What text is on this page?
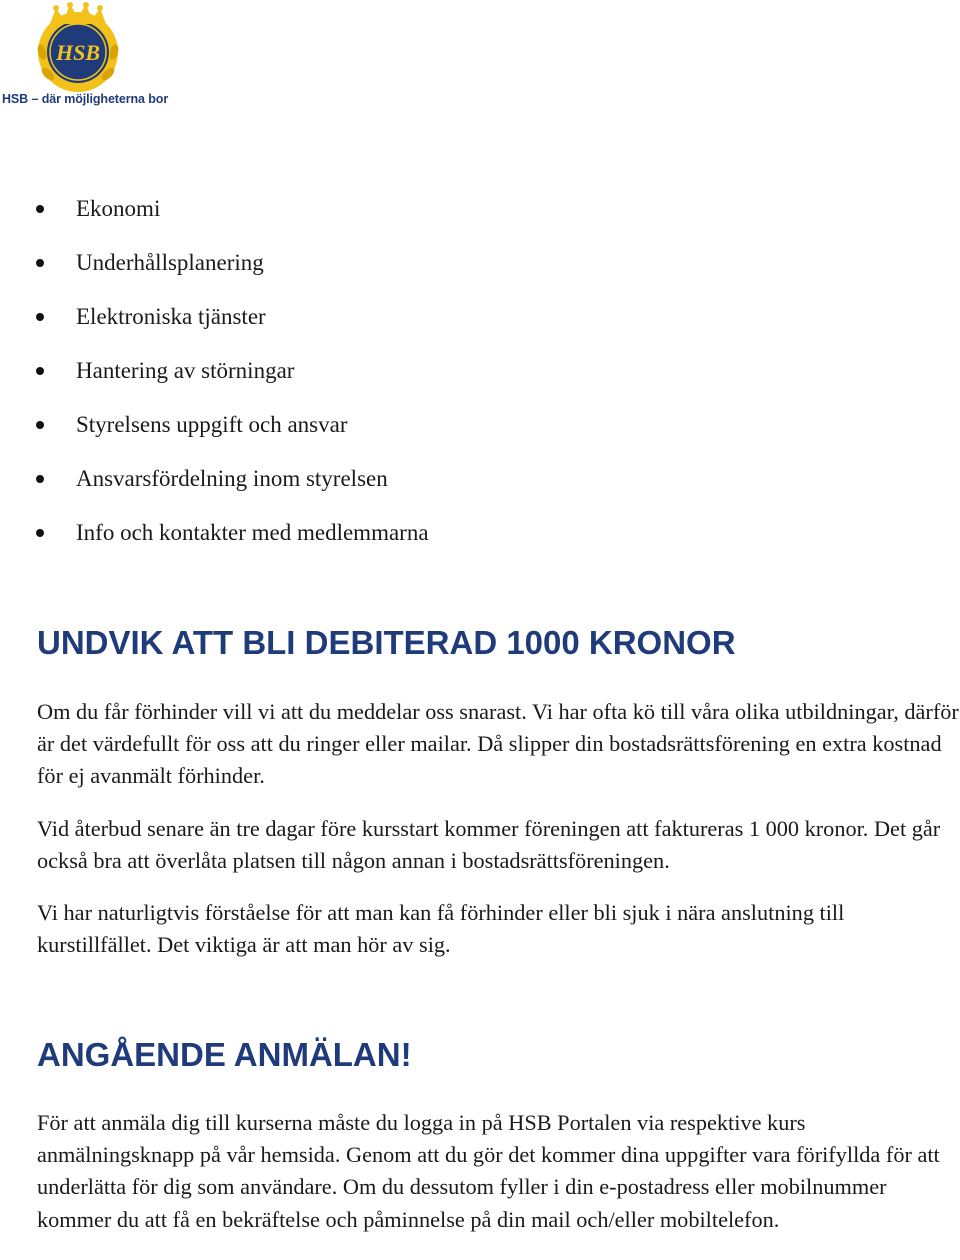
HSB
HSB – där möjligheterna bor
Ekonomi
Underhållsplanering
Elektroniska tjänster
Hantering av störningar
Styrelsens uppgift och ansvar
Ansvarsfördelning inom styrelsen
Info och kontakter med medlemmarna
UNDVIK ATT BLI DEBITERAD 1000 KRONOR

Om du får förhinder vill vi att du meddelar oss snarast. Vi har ofta kö till våra olika utbildningar, därför är det värdefullt för oss att du ringer eller mailar. Då slipper din bostadsrättsförening en extra kostnad för ej avanmält förhinder.

Vid återbud senare än tre dagar före kursstart kommer föreningen att faktureras 1 000 kronor. Det går också bra att överlåta platsen till någon annan i bostadsrättsföreningen.

Vi har naturligtvis förståelse för att man kan få förhinder eller bli sjuk i nära anslutning till kurstillfället. Det viktiga är att man hör av sig.

ANGÅENDE ANMÄLAN!

För att anmäla dig till kurserna måste du logga in på HSB Portalen via respektive kurs anmälningsknapp på vår hemsida. Genom att du gör det kommer dina uppgifter vara förifyllda för att underlätta för dig som användare. Om du dessutom fyller i din e-postadress eller mobilnummer kommer du att få en bekräftelse och påminnelse på din mail och/eller mobiltelefon.
